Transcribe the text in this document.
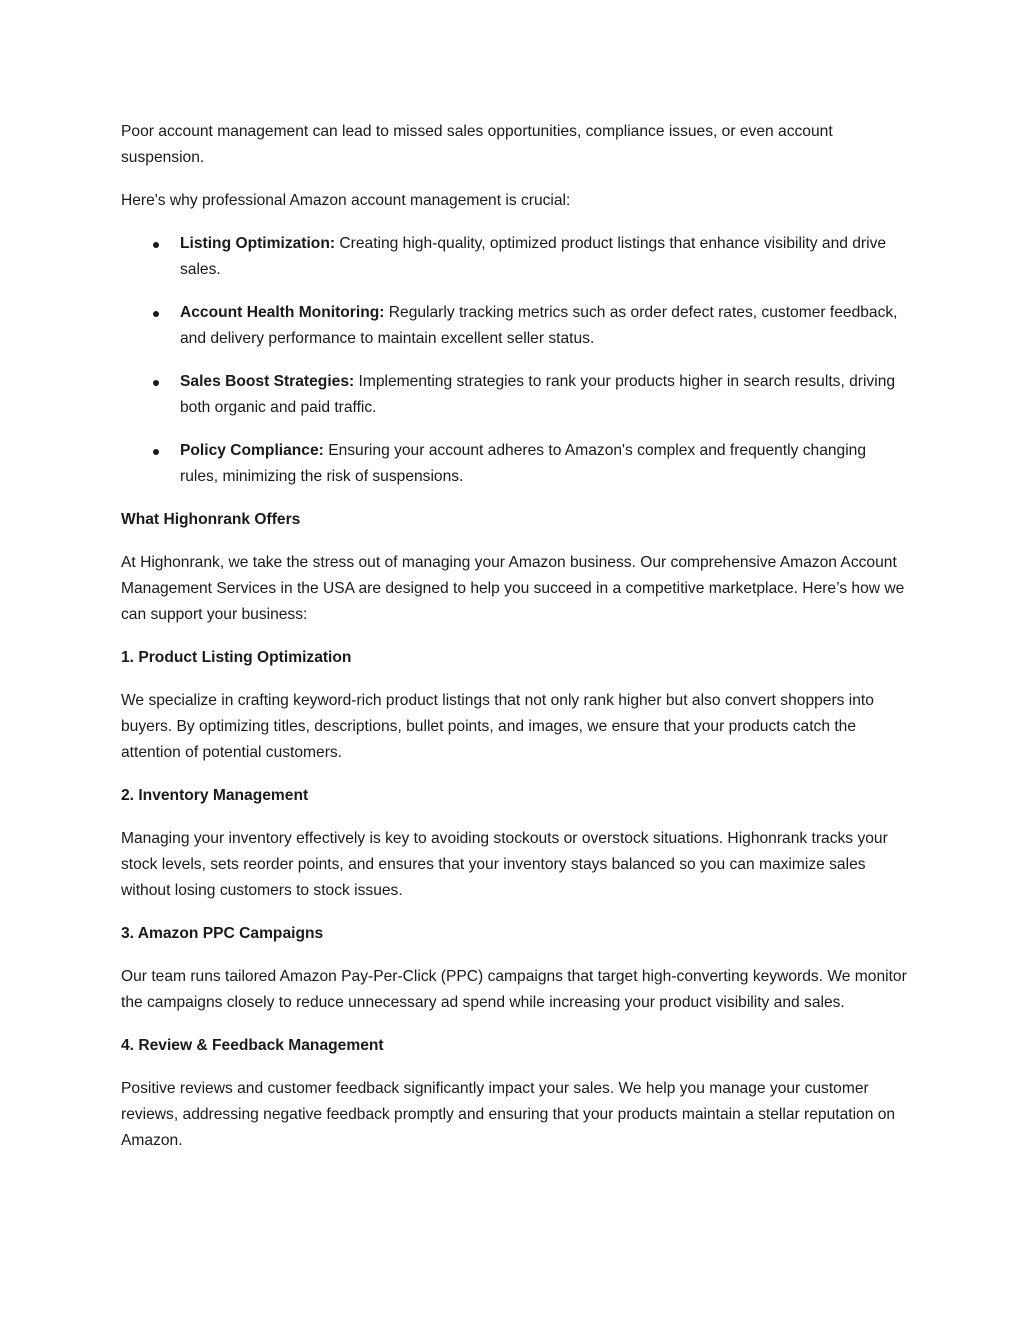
Poor account management can lead to missed sales opportunities, compliance issues, or even account suspension.

Here's why professional Amazon account management is crucial:

Listing Optimization: Creating high-quality, optimized product listings that enhance visibility and drive sales.
Account Health Monitoring: Regularly tracking metrics such as order defect rates, customer feedback, and delivery performance to maintain excellent seller status.
Sales Boost Strategies: Implementing strategies to rank your products higher in search results, driving both organic and paid traffic.
Policy Compliance: Ensuring your account adheres to Amazon's complex and frequently changing rules, minimizing the risk of suspensions.

What Highonrank Offers

At Highonrank, we take the stress out of managing your Amazon business. Our comprehensive Amazon Account Management Services in the USA are designed to help you succeed in a competitive marketplace. Here’s how we can support your business:

1. Product Listing Optimization

We specialize in crafting keyword-rich product listings that not only rank higher but also convert shoppers into buyers. By optimizing titles, descriptions, bullet points, and images, we ensure that your products catch the attention of potential customers.

2. Inventory Management

Managing your inventory effectively is key to avoiding stockouts or overstock situations. Highonrank tracks your stock levels, sets reorder points, and ensures that your inventory stays balanced so you can maximize sales without losing customers to stock issues.

3. Amazon PPC Campaigns

Our team runs tailored Amazon Pay-Per-Click (PPC) campaigns that target high-converting keywords. We monitor the campaigns closely to reduce unnecessary ad spend while increasing your product visibility and sales.

4. Review & Feedback Management

Positive reviews and customer feedback significantly impact your sales. We help you manage your customer reviews, addressing negative feedback promptly and ensuring that your products maintain a stellar reputation on Amazon.
